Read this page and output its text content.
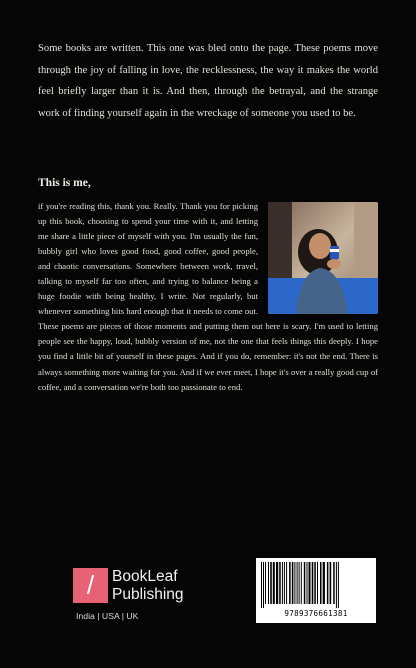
Some books are written. This one was bled onto the page. These poems move through the joy of falling in love, the recklessness, the way it makes the world feel briefly larger than it is. And then, through the betrayal, and the strange work of finding yourself again in the wreckage of someone you used to be.

This is me,
if you're reading this, thank you. Really. Thank you for picking up this book, choosing to spend your time with it, and letting me share a little piece of myself with you. I'm usually the fun, bubbly girl who loves good food, good coffee, good people, and chaotic conversations. Somewhere between work, travel, talking to myself far too often, and trying to balance being a huge foodie with being healthy, I write. Not regularly, but whenever something hits hard enough that it needs to come out. These poems are pieces of those moments and putting them out here is scary. I'm used to letting people see the happy, loud, bubbly version of me, not the one that feels things this deeply. I hope you find a little bit of yourself in these pages. And if you do, remember: it's not the end. There is always something more waiting for you. And if we ever meet, I hope it's over a really good cup of coffee, and a conversation we're both too passionate to end.
/	BookLeaf
Publishing
India | USA | UK	9789376661381
